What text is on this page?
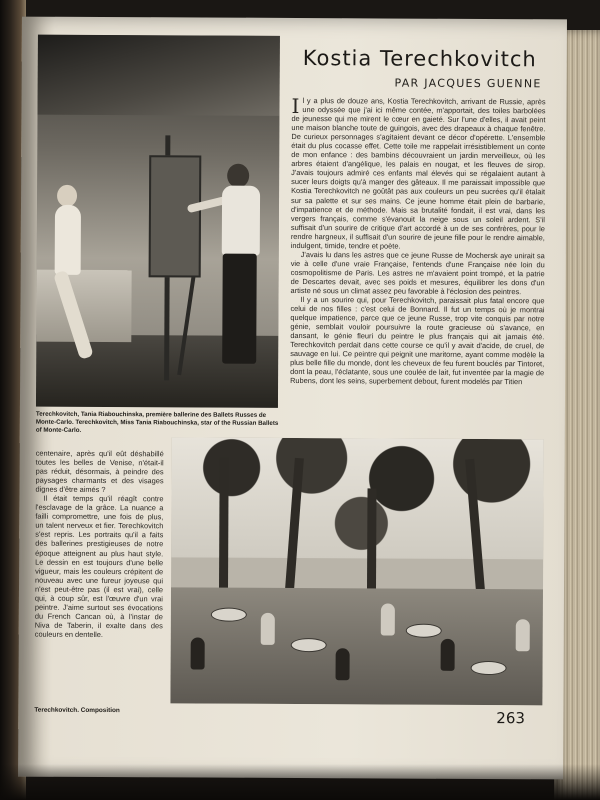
Terechkovitch, Tania Riabouchinska, première ballerine des Ballets Russes de Monte-Carlo. Terechkovitch, Miss Tania Riabouchinska, star of the Russian Ballets of Monte-Carlo.

Kostia Terechkovitch
PAR JACQUES GUENNE

Il y a plus de douze ans, Kostia Terechkovitch, arrivant de Russie, après une odyssée que j'ai ici même contée, m'apportait, des toiles barbolées de jeunesse qui me mirent le cœur en gaieté. Sur l'une d'elles, il avait peint une maison blanche toute de guingois, avec des drapeaux à chaque fenêtre. De curieux personnages s'agitaient devant ce décor d'opérette. L'ensemble était du plus cocasse effet. Cette toile me rappelait irrésistiblement un conte de mon enfance : des bambins découvraient un jardin merveilleux, où les arbres étaient d'angélique, les palais en nougat, et les fleuves de sirop. J'avais toujours admiré ces enfants mal élevés qui se régalaient autant à sucer leurs doigts qu'à manger des gâteaux. Il me paraissait impossible que Kostia Terechkovitch ne goûtât pas aux couleurs un peu sucrées qu'il étalait sur sa palette et sur ses mains. Ce jeune homme était plein de barbarie, d'impatience et de méthode. Mais sa brutalité fondait, il est vrai, dans les vergers français, comme s'évanouit la neige sous un soleil ardent. S'il suffisait d'un sourire de critique d'art accordé à un de ses confrères, pour le rendre hargneux, il suffisait d'un sourire de jeune fille pour le rendre aimable, indulgent, timide, tendre et poète.

J'avais lu dans les astres que ce jeune Russe de Mochersk aye unirait sa vie à celle d'une vraie Française, l'entends d'une Française née loin du cosmopolitisme de Paris. Les astres ne m'avaient point trompé, et la patrie de Descartes devait, avec ses poids et mesures, équilibrer les dons d'un artiste né sous un climat assez peu favorable à l'éclosion des peintres.

Il y a un sourire qui, pour Terechkovitch, paraissait plus fatal encore que celui de nos filles : c'est celui de Bonnard. Il fut un temps où je montrai quelque impatience, parce que ce jeune Russe, trop vite conquis par notre génie, semblait vouloir poursuivre la route gracieuse où s'avance, en dansant, le génie fleuri du peintre le plus français qui ait jamais été. Terechkovitch perdait dans cette course ce qu'il y avait d'acide, de cruel, de sauvage en lui. Ce peintre qui peignit une maritorne, ayant comme modèle la plus belle fille du monde, dont les cheveux de feu furent bouclés par Tintoret, dont la peau, l'éclatante, sous une coulée de lait, fut inventée par la magie de Rubens, dont les seins, superbement debout, furent modelés par Titien

centenaire, après qu'il eût déshabillé toutes les belles de Venise, n'était-il pas réduit, désormais, à peindre des paysages charmants et des visages dignes d'être aimés ?

Il était temps qu'il réagît contre l'esclavage de la grâce. La nuance a failli compromettre, une fois de plus, un talent nerveux et fier. Terechkovitch s'est repris. Les portraits qu'il a faits des ballerines prestigieuses de notre époque atteignent au plus haut style. Le dessin en est toujours d'une belle vigueur, mais les couleurs crépitent de nouveau avec une fureur joyeuse qui n'est peut-être pas (il est vrai), celle qui, à coup sûr, est l'œuvre d'un vrai peintre. J'aime surtout ses évocations du French Cancan où, à l'instar de Niva de Taberin, il exalte dans des couleurs en dentelle.

Terechkovitch. Composition	263
